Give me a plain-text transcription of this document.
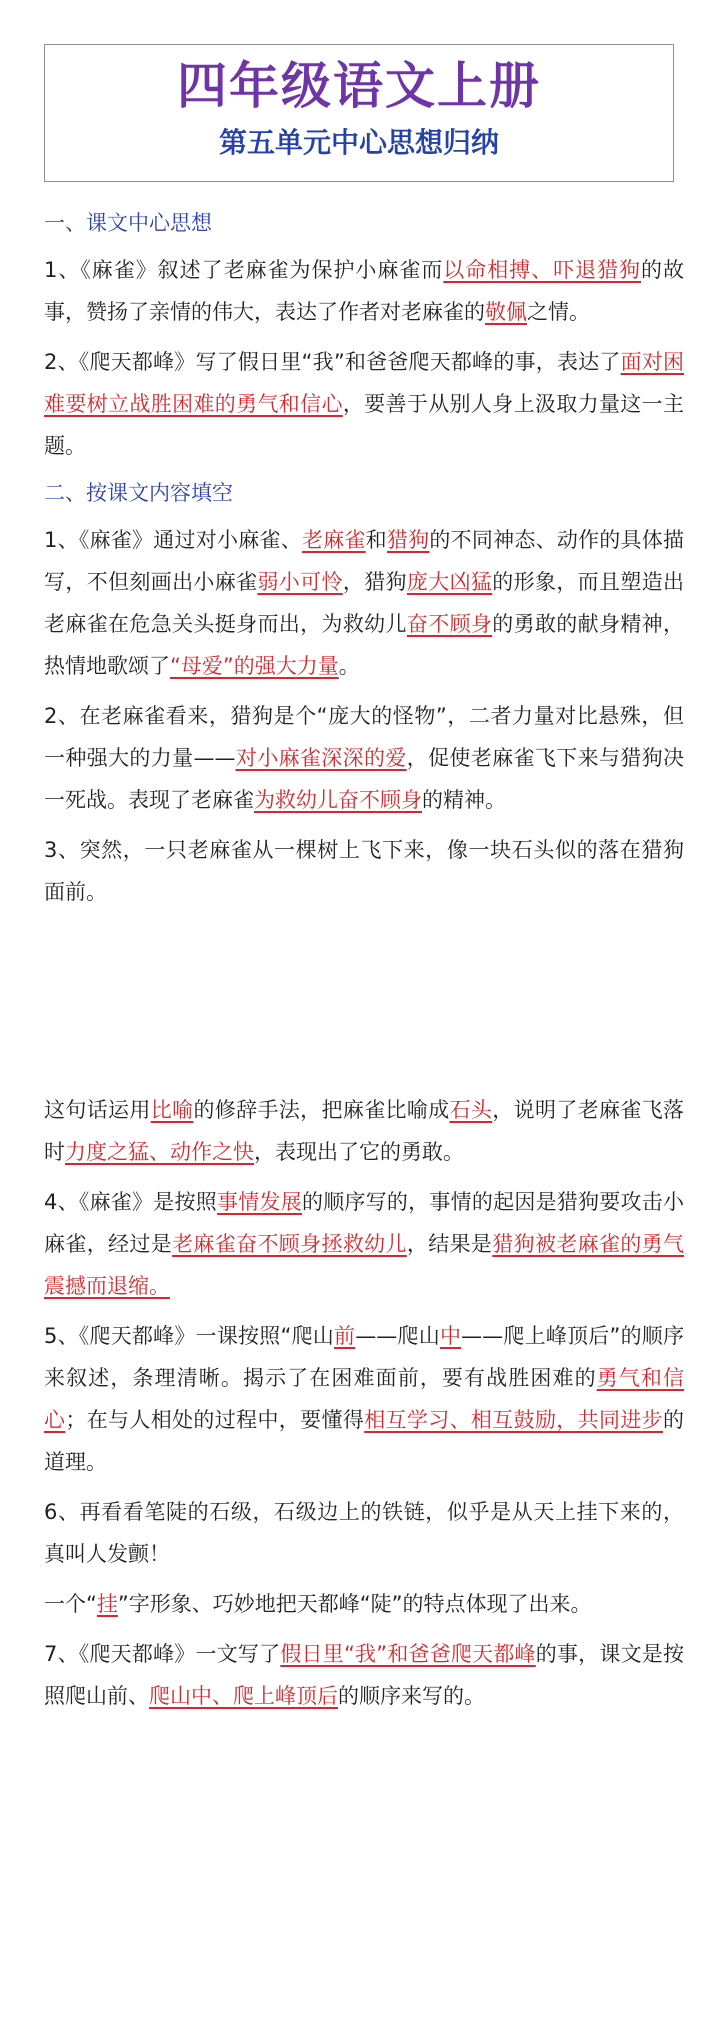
四年级语文上册
第五单元中心思想归纳
一、课文中心思想
1、《麻雀》叙述了老麻雀为保护小麻雀而以命相搏、吓退猎狗的故事，赞扬了亲情的伟大，表达了作者对老麻雀的敬佩之情。
2、《爬天都峰》写了假日里“我”和爸爸爬天都峰的事，表达了面对困难要树立战胜困难的勇气和信心，要善于从别人身上汲取力量这一主题。
二、按课文内容填空
1、《麻雀》通过对小麻雀、老麻雀和猎狗的不同神态、动作的具体描写，不但刻画出小麻雀弱小可怜，猎狗庞大凶猛的形象，而且塑造出老麻雀在危急关头挺身而出，为救幼儿奋不顾身的勇敢的献身精神，热情地歌颂了“母爱”的强大力量。
2、在老麻雀看来，猎狗是个“庞大的怪物”，二者力量对比悬殊，但一种强大的力量——对小麻雀深深的爱，促使老麻雀飞下来与猎狗决一死战。表现了老麻雀为救幼儿奋不顾身的精神。
3、突然，一只老麻雀从一棵树上飞下来，像一块石头似的落在猎狗面前。
这句话运用比喻的修辞手法，把麻雀比喻成石头，说明了老麻雀飞落时力度之猛、动作之快，表现出了它的勇敢。
4、《麻雀》是按照事情发展的顺序写的，事情的起因是猎狗要攻击小麻雀，经过是老麻雀奋不顾身拯救幼儿，结果是猎狗被老麻雀的勇气震撼而退缩。
5、《爬天都峰》一课按照“爬山前——爬山中——爬上峰顶后”的顺序来叙述，条理清晰。揭示了在困难面前，要有战胜困难的勇气和信心；在与人相处的过程中，要懂得相互学习、相互鼓励，共同进步的道理。
6、再看看笔陡的石级，石级边上的铁链，似乎是从天上挂下来的，真叫人发颤！
一个“挂”字形象、巧妙地把天都峰“陡”的特点体现了出来。
7、《爬天都峰》一文写了假日里“我”和爸爸爬天都峰的事，课文是按照爬山前、爬山中、爬上峰顶后的顺序来写的。
